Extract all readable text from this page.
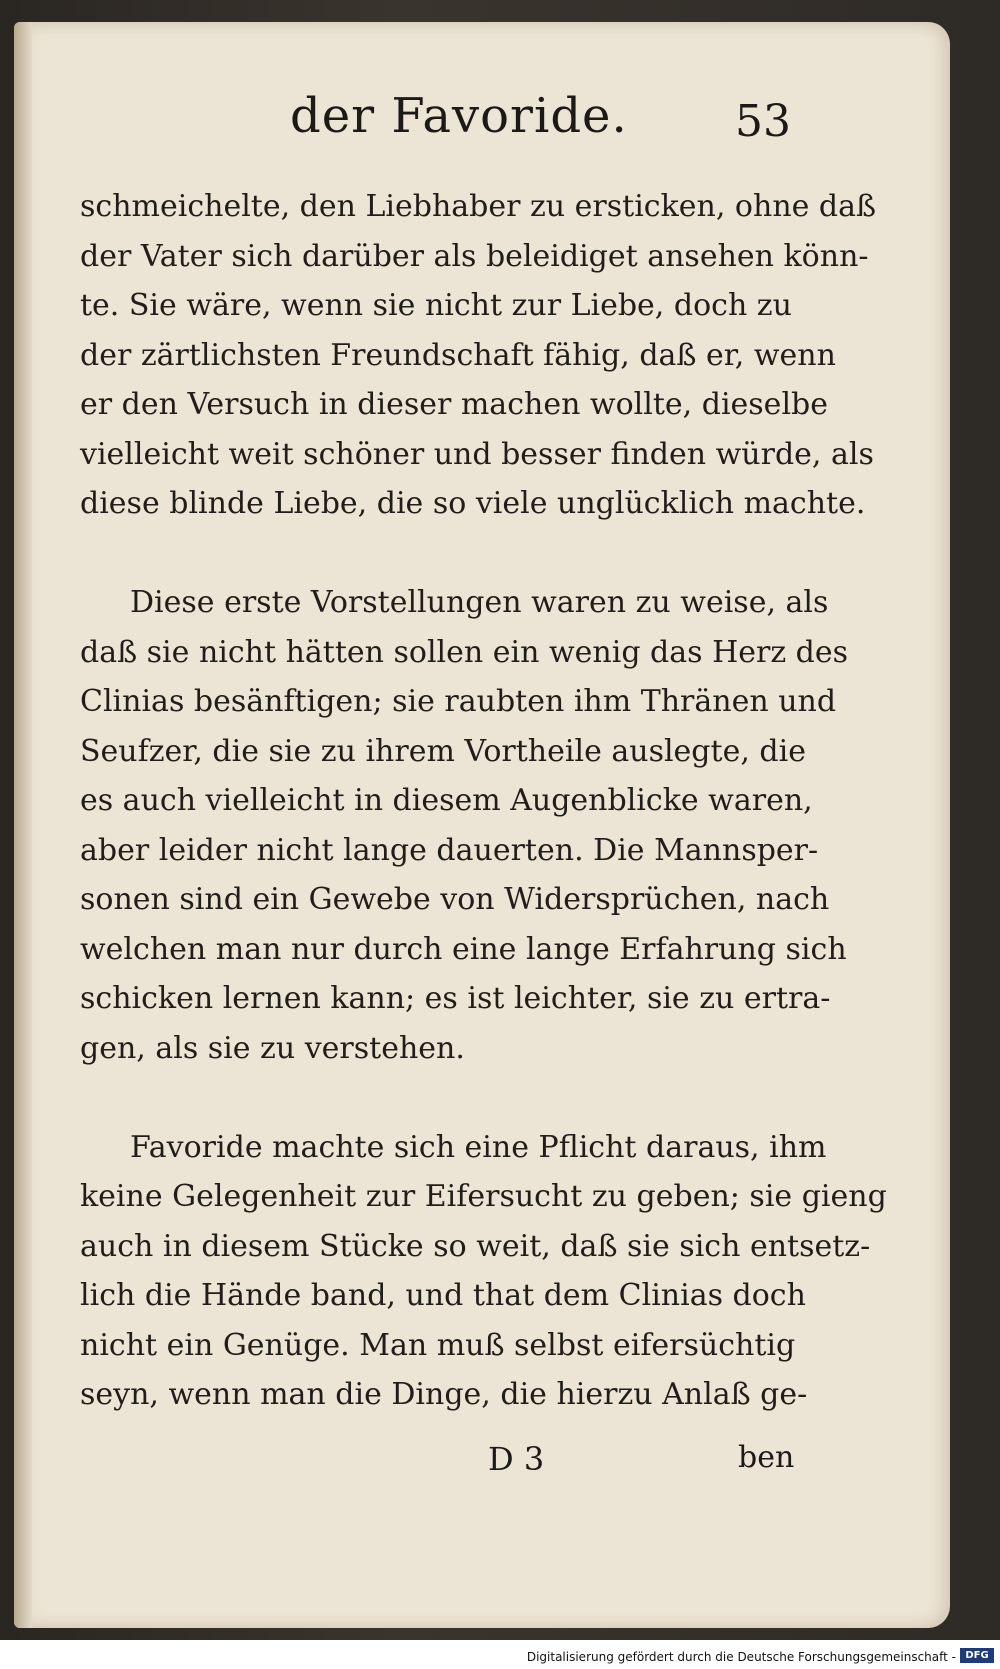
der Favoride. 53
schmeichelte, den Liebhaber zu ersticken, ohne daß
der Vater sich darüber als beleidiget ansehen könn-
te. Sie wäre, wenn sie nicht zur Liebe, doch zu
der zärtlichsten Freundschaft fähig, daß er, wenn
er den Versuch in dieser machen wollte, dieselbe
vielleicht weit schöner und besser finden würde, als
diese blinde Liebe, die so viele unglücklich machte.
Diese erste Vorstellungen waren zu weise, als
daß sie nicht hätten sollen ein wenig das Herz des
Clinias besänftigen; sie raubten ihm Thränen und
Seufzer, die sie zu ihrem Vortheile auslegte, die
es auch vielleicht in diesem Augenblicke waren,
aber leider nicht lange dauerten. Die Mannsper-
sonen sind ein Gewebe von Widersprüchen, nach
welchen man nur durch eine lange Erfahrung sich
schicken lernen kann; es ist leichter, sie zu ertra-
gen, als sie zu verstehen.
Favoride machte sich eine Pflicht daraus, ihm
keine Gelegenheit zur Eifersucht zu geben; sie gieng
auch in diesem Stücke so weit, daß sie sich entsetz-
lich die Hände band, und that dem Clinias doch
nicht ein Genüge. Man muß selbst eifersüchtig
seyn, wenn man die Dinge, die hierzu Anlaß ge-
D 3	ben
Digitalisierung gefördert durch die Deutsche Forschungsgemeinschaft - DFG
